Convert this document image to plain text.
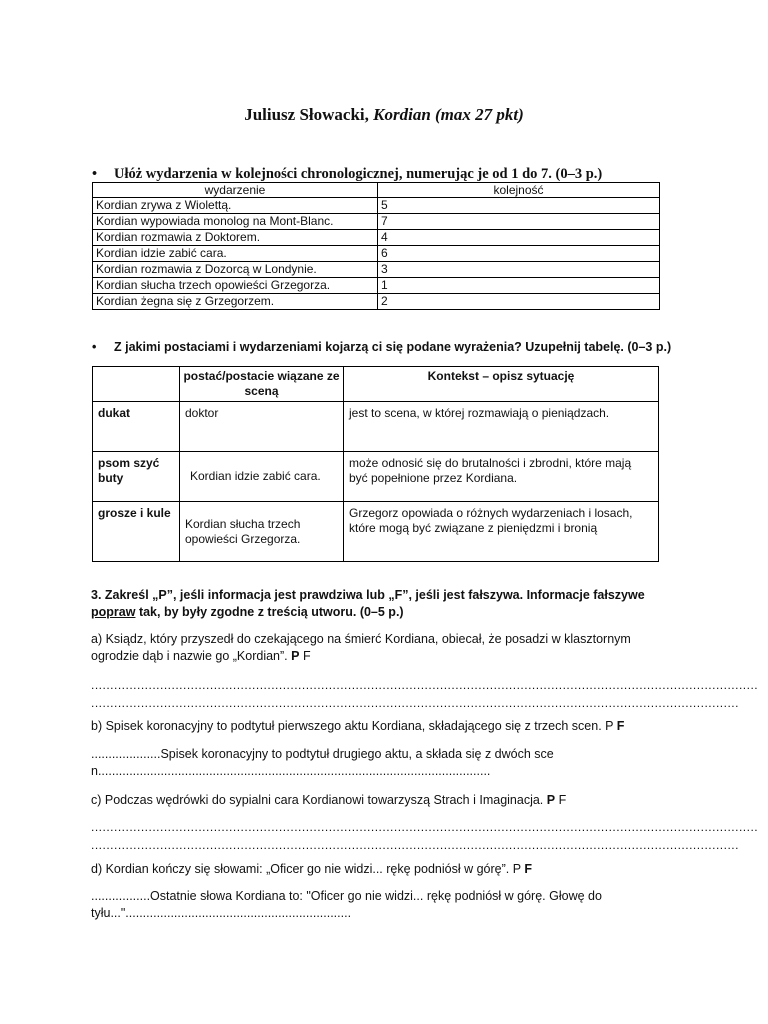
Juliusz Słowacki, Kordian (max 27 pkt)
• Ułóż wydarzenia w kolejności chronologicznej, numerując je od 1 do 7. (0–3 p.)
wydarzenie	kolejność
Kordian zrywa z Wiolettą.	5
Kordian wypowiada monolog na Mont-Blanc.	7
Kordian rozmawia z Doktorem.	4
Kordian idzie zabić cara.	6
Kordian rozmawia z Dozorcą w Londynie.	3
Kordian słucha trzech opowieści Grzegorza.	1
Kordian żegna się z Grzegorzem.	2
• Z jakimi postaciami i wydarzeniami kojarzą ci się podane wyrażenia? Uzupełnij tabelę. (0–3 p.)
	postać/postacie wiązane ze sceną	Kontekst – opisz sytuację
dukat	doktor	jest to scena, w której rozmawiają o pieniądzach.
psom szyć buty	Kordian idzie zabić cara.	może odnosić się do brutalności i zbrodni, które mają być popełnione przez Kordiana.
grosze i kule	Kordian słucha trzech opowieści Grzegorza.	Grzegorz opowiada o różnych wydarzeniach i losach, które mogą być związane z pieniędzmi i bronią
3. Zakreśl „P”, jeśli informacja jest prawdziwa lub „F”, jeśli jest fałszywa. Informacje fałszywe popraw tak, by były zgodne z treścią utworu. (0–5 p.)
a) Ksiądz, który przyszedł do czekającego na śmierć Kordiana, obiecał, że posadzi w klasztornym ogrodzie dąb i nazwie go „Kordian”. P F
..............................................................................................................................................................................
.........................................................................................................................................................................
b) Spisek koronacyjny to podtytuł pierwszego aktu Kordiana, składającego się z trzech scen. P F
....................Spisek koronacyjny to podtytuł drugiego aktu, a składa się z dwóch scen.................................................................................................................
c) Podczas wędrówki do sypialni cara Kordianowi towarzyszą Strach i Imaginacja. P F
..............................................................................................................................................................................
.........................................................................................................................................................................
d) Kordian kończy się słowami: „Oficer go nie widzi... rękę podniósł w górę”. P F
.................Ostatnie słowa Kordiana to: "Oficer go nie widzi... rękę podniósł w górę. Głowę do tyłu...".................................................................
